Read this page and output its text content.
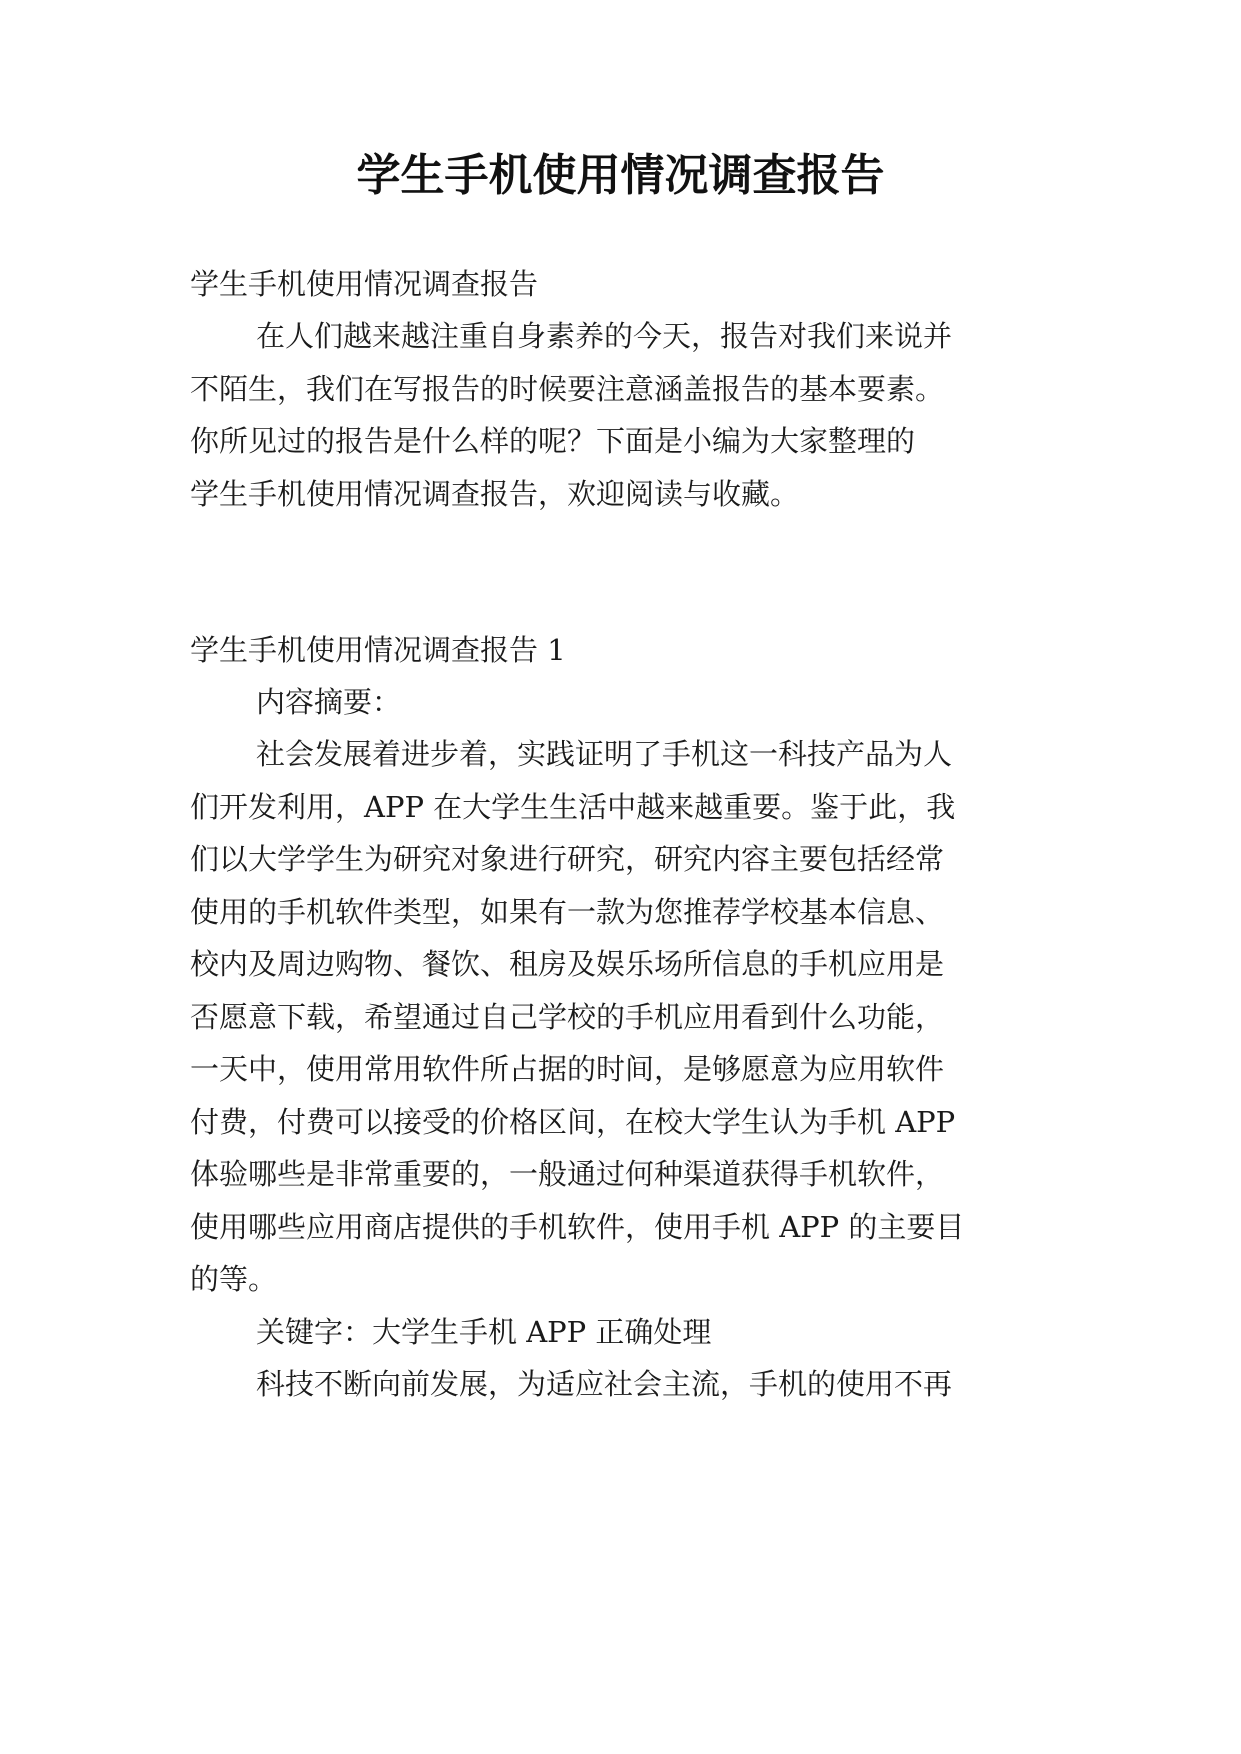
学生手机使用情况调查报告

学生手机使用情况调查报告

在人们越来越注重自身素养的今天，报告对我们来说并

不陌生，我们在写报告的时候要注意涵盖报告的基本要素。

你所见过的报告是什么样的呢？下面是小编为大家整理的

学生手机使用情况调查报告，欢迎阅读与收藏。

学生手机使用情况调查报告 1

内容摘要：

社会发展着进步着，实践证明了手机这一科技产品为人

们开发利用，APP 在大学生生活中越来越重要。鉴于此，我

们以大学学生为研究对象进行研究，研究内容主要包括经常

使用的手机软件类型，如果有一款为您推荐学校基本信息、

校内及周边购物、餐饮、租房及娱乐场所信息的手机应用是

否愿意下载，希望通过自己学校的手机应用看到什么功能，

一天中，使用常用软件所占据的时间，是够愿意为应用软件

付费，付费可以接受的价格区间，在校大学生认为手机 APP

体验哪些是非常重要的，一般通过何种渠道获得手机软件，

使用哪些应用商店提供的手机软件，使用手机 APP 的主要目

的等。

关键字：大学生手机 APP 正确处理

科技不断向前发展，为适应社会主流，手机的使用不再
